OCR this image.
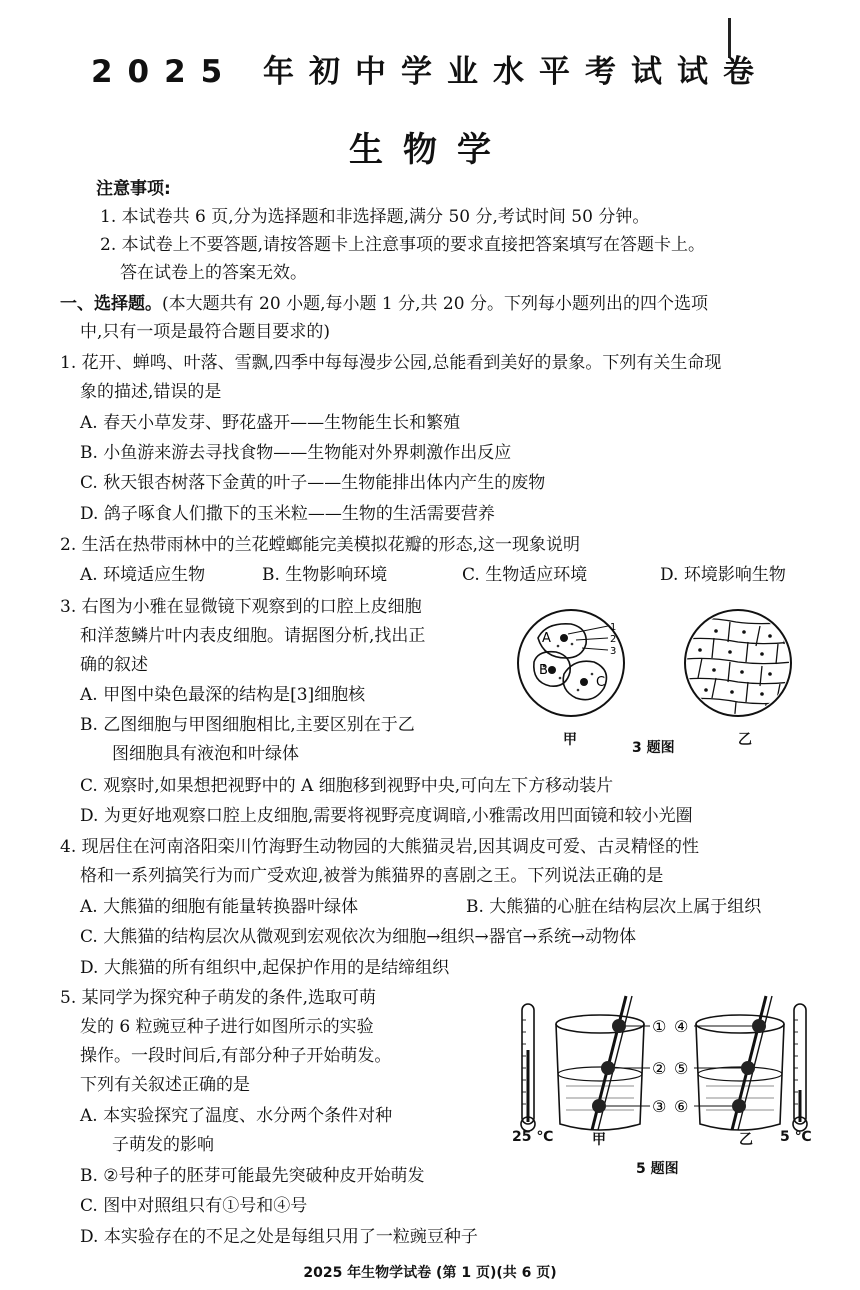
2025 年初中学业水平考试试卷
生物学
注意事项:
1. 本试卷共 6 页,分为选择题和非选择题,满分 50 分,考试时间 50 分钟。
2. 本试卷上不要答题,请按答题卡上注意事项的要求直接把答案填写在答题卡上。
答在试卷上的答案无效。
一、选择题。(本大题共有 20 小题,每小题 1 分,共 20 分。下列每小题列出的四个选项
中,只有一项是最符合题目要求的)
1. 花开、蝉鸣、叶落、雪飘,四季中每每漫步公园,总能看到美好的景象。下列有关生命现
象的描述,错误的是
A. 春天小草发芽、野花盛开——生物能生长和繁殖
B. 小鱼游来游去寻找食物——生物能对外界刺激作出反应
C. 秋天银杏树落下金黄的叶子——生物能排出体内产生的废物
D. 鸽子啄食人们撒下的玉米粒——生物的生活需要营养
2. 生活在热带雨林中的兰花螳螂能完美模拟花瓣的形态,这一现象说明
A. 环境适应生物	B. 生物影响环境	C. 生物适应环境	D. 环境影响生物
3. 右图为小雅在显微镜下观察到的口腔上皮细胞
和洋葱鳞片叶内表皮细胞。请据图分析,找出正
确的叙述
A. 甲图中染色最深的结构是[3]细胞核
B. 乙图细胞与甲图细胞相比,主要区别在于乙
图细胞具有液泡和叶绿体
C. 观察时,如果想把视野中的 A 细胞移到视野中央,可向左下方移动装片
D. 为更好地观察口腔上皮细胞,需要将视野亮度调暗,小雅需改用凹面镜和较小光圈
A
B
C
1
2
3
甲	3 题图	乙
4. 现居住在河南洛阳栾川竹海野生动物园的大熊猫灵岩,因其调皮可爱、古灵精怪的性
格和一系列搞笑行为而广受欢迎,被誉为熊猫界的喜剧之王。下列说法正确的是
A. 大熊猫的细胞有能量转换器叶绿体	B. 大熊猫的心脏在结构层次上属于组织
C. 大熊猫的结构层次从微观到宏观依次为细胞→组织→器官→系统→动物体
D. 大熊猫的所有组织中,起保护作用的是结缔组织
5. 某同学为探究种子萌发的条件,选取可萌
发的 6 粒豌豆种子进行如图所示的实验
操作。一段时间后,有部分种子开始萌发。
下列有关叙述正确的是
A. 本实验探究了温度、水分两个条件对种
子萌发的影响
B. ②号种子的胚芽可能最先突破种皮开始萌发
C. 图中对照组只有①号和④号
D. 本实验存在的不足之处是每组只用了一粒豌豆种子
①
②
③
④
⑤
⑥
25 ℃	甲	乙 5 ℃
5 题图
2025 年生物学试卷 (第 1 页)(共 6 页)
